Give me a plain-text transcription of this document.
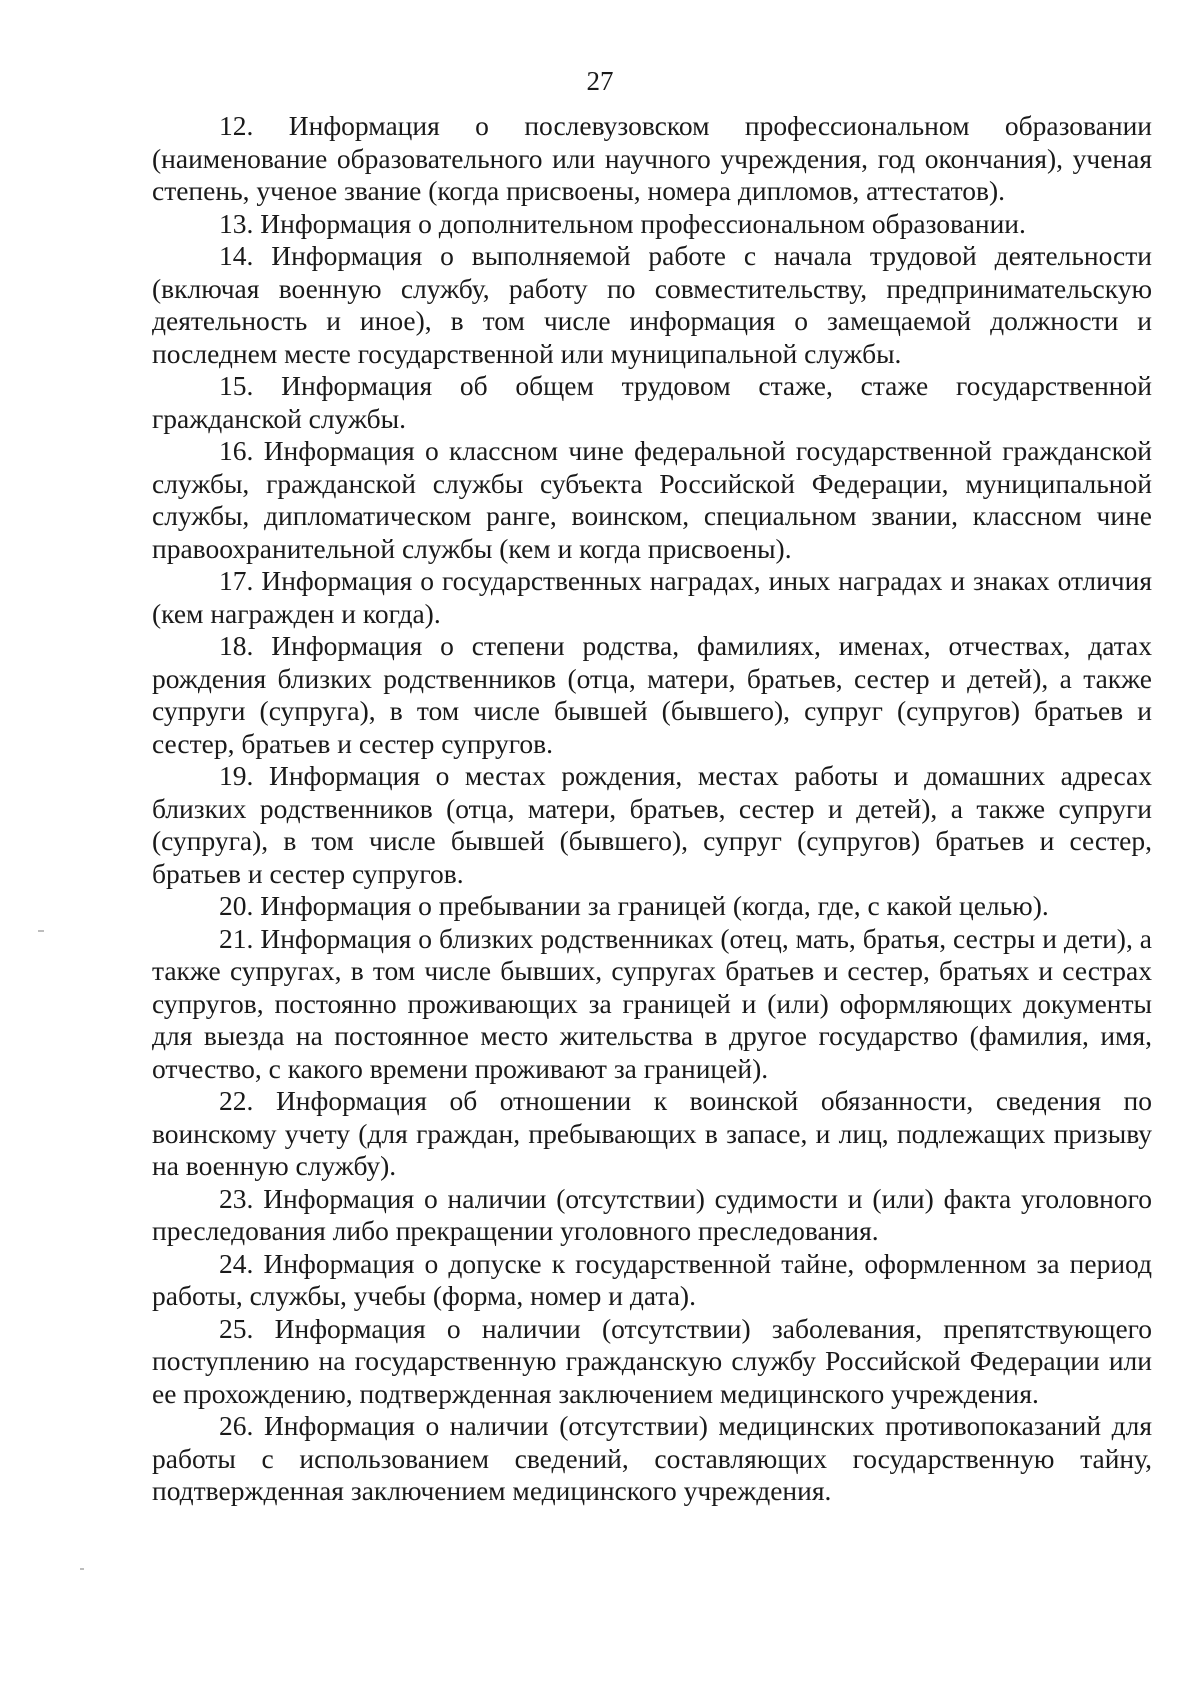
27

12. Информация о послевузовском профессиональном образовании (наименование образовательного или научного учреждения, год окончания), ученая степень, ученое звание (когда присвоены, номера дипломов, аттестатов).

13. Информация о дополнительном профессиональном образовании.

14. Информация о выполняемой работе с начала трудовой деятельности (включая военную службу, работу по совместительству, предпринимательскую деятельность и иное), в том числе информация о замещаемой должности и последнем месте государственной или муниципальной службы.

15. Информация об общем трудовом стаже, стаже государственной гражданской службы.

16. Информация о классном чине федеральной государственной гражданской службы, гражданской службы субъекта Российской Федерации, муниципальной службы, дипломатическом ранге, воинском, специальном звании, классном чине правоохранительной службы (кем и когда присвоены).

17. Информация о государственных наградах, иных наградах и знаках отличия (кем награжден и когда).

18. Информация о степени родства, фамилиях, именах, отчествах, датах рождения близких родственников (отца, матери, братьев, сестер и детей), а также супруги (супруга), в том числе бывшей (бывшего), супруг (супругов) братьев и сестер, братьев и сестер супругов.

19. Информация о местах рождения, местах работы и домашних адресах близких родственников (отца, матери, братьев, сестер и детей), а также супруги (супруга), в том числе бывшей (бывшего), супруг (супругов) братьев и сестер, братьев и сестер супругов.

20. Информация о пребывании за границей (когда, где, с какой целью).

21. Информация о близких родственниках (отец, мать, братья, сестры и дети), а также супругах, в том числе бывших, супругах братьев и сестер, братьях и сестрах супругов, постоянно проживающих за границей и (или) оформляющих документы для выезда на постоянное место жительства в другое государство (фамилия, имя, отчество, с какого времени проживают за границей).

22. Информация об отношении к воинской обязанности, сведения по воинскому учету (для граждан, пребывающих в запасе, и лиц, подлежащих призыву на военную службу).

23. Информация о наличии (отсутствии) судимости и (или) факта уголовного преследования либо прекращении уголовного преследования.

24. Информация о допуске к государственной тайне, оформленном за период работы, службы, учебы (форма, номер и дата).

25. Информация о наличии (отсутствии) заболевания, препятствующего поступлению на государственную гражданскую службу Российской Федерации или ее прохождению, подтвержденная заключением медицинского учреждения.

26. Информация о наличии (отсутствии) медицинских противопоказаний для работы с использованием сведений, составляющих государственную тайну, подтвержденная заключением медицинского учреждения.
